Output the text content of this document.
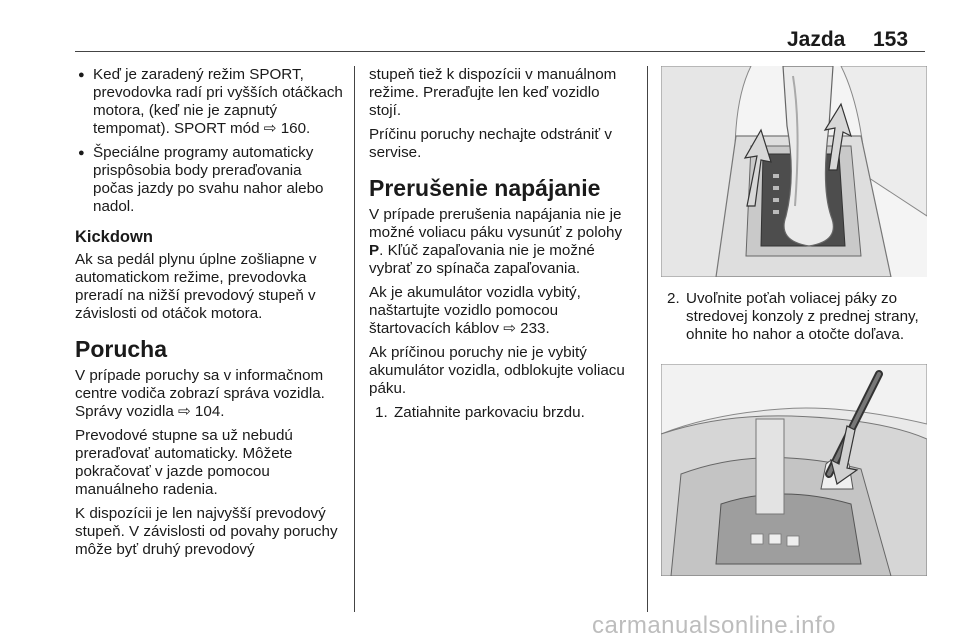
Jazda 153
● Keď je zaradený režim SPORT, prevodovka radí pri vyšších otáčkach motora, (keď nie je zapnutý tempomat). SPORT mód ⇨ 160.
● Špeciálne programy automaticky prispôsobia body preraďovania počas jazdy po svahu nahor alebo nadol.
Kickdown

Ak sa pedál plynu úplne zošliapne v automatickom režime, prevodovka preradí na nižší prevodový stupeň v závislosti od otáčok motora.

Porucha

V prípade poruchy sa v informačnom centre vodiča zobrazí správa vozidla. Správy vozidla ⇨ 104.

Prevodové stupne sa už nebudú preraďovať automaticky. Môžete pokračovať v jazde pomocou manuálneho radenia.

K dispozícii je len najvyšší prevodový stupeň. V závislosti od povahy poruchy môže byť druhý prevodový

stupeň tiež k dispozícii v manuálnom režime. Preraďujte len keď vozidlo stojí.

Príčinu poruchy nechajte odstrániť v servise.

Prerušenie napájanie

V prípade prerušenia napájania nie je možné voliacu páku vysunúť z polohy P. Kľúč zapaľovania nie je možné vybrať zo spínača zapaľovania.

Ak je akumulátor vozidla vybitý, naštartujte vozidlo pomocou štartovacích káblov ⇨ 233.

Ak príčinou poruchy nie je vybitý akumulátor vozidla, odblokujte voliacu páku.

1. Zatiahnite parkovaciu brzdu.
2. Uvoľnite poťah voliacej páky zo stredovej konzoly z prednej strany, ohnite ho nahor a otočte doľava.
carmanualsonline.info
